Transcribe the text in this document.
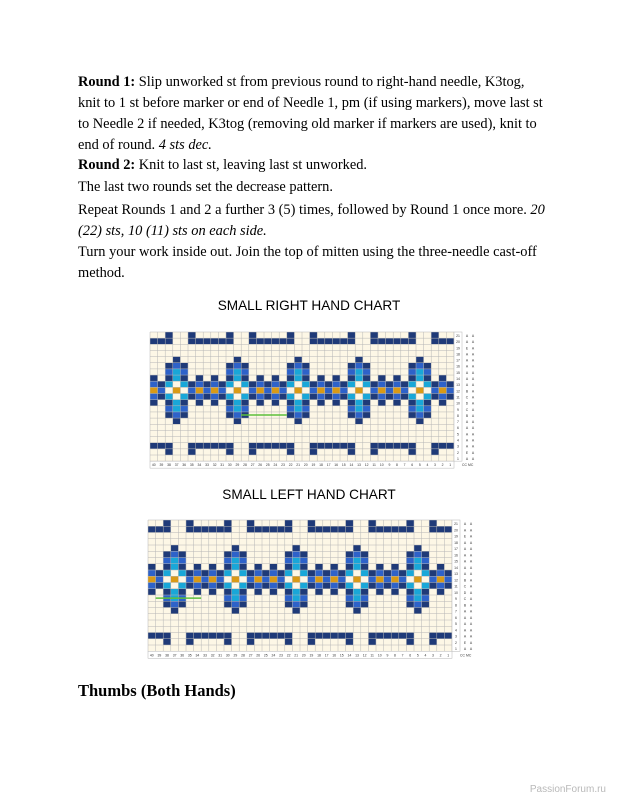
Round 1: Slip unworked st from previous round to right-hand needle, K3tog, knit to 1 st before marker or end of Needle 1, pm (if using markers), move last st to Needle 2 if needed, K3tog (removing old marker if markers are used), knit to end of round. 4 sts dec.
Round 2: Knit to last st, leaving last st unworked.
The last two rounds set the decrease pattern.
Repeat Rounds 1 and 2 a further 3 (5) times, followed by Round 1 once more. 20 (22) sts, 10 (11) sts on each side.
Turn your work inside out. Join the top of mitten using the three-needle cast-off method.
SMALL RIGHT HAND CHART
21 A A
20 A A
19 E A
18 A A
17 A A
16 A A
15 A A
14 A A
13 A A
12 B A
11 C A
10 D A
9 C A
8 B A
7 A A
6 A A
5 A A
4 A A
3 A A
2 E A
1 A A
40 39 38 37 36 35 34 33 32 31 30 29 28 27 26 25 24 23 22 21 20 19 18 17 16 15 14 13 12 11 10 9 8 7 6 5 4 3 2 1	CC MC
SMALL LEFT HAND CHART
21 A A
20 A A
19 E A
18 A A
17 A A
16 A A
15 A A
14 A A
13 A A
12 B A
11 C A
10 D A
9 C A
8 B A
7 A A
6 A A
5 A A
4 A A
3 A A
2 E A
1 A A
40 39 38 37 36 35 34 33 32 31 30 29 28 27 26 25 24 23 22 21 20 19 18 17 16 15 14 13 12 11 10 9 8 7 6 5 4 3 2 1	CC MC
Thumbs (Both Hands)
PassionForum.ru
